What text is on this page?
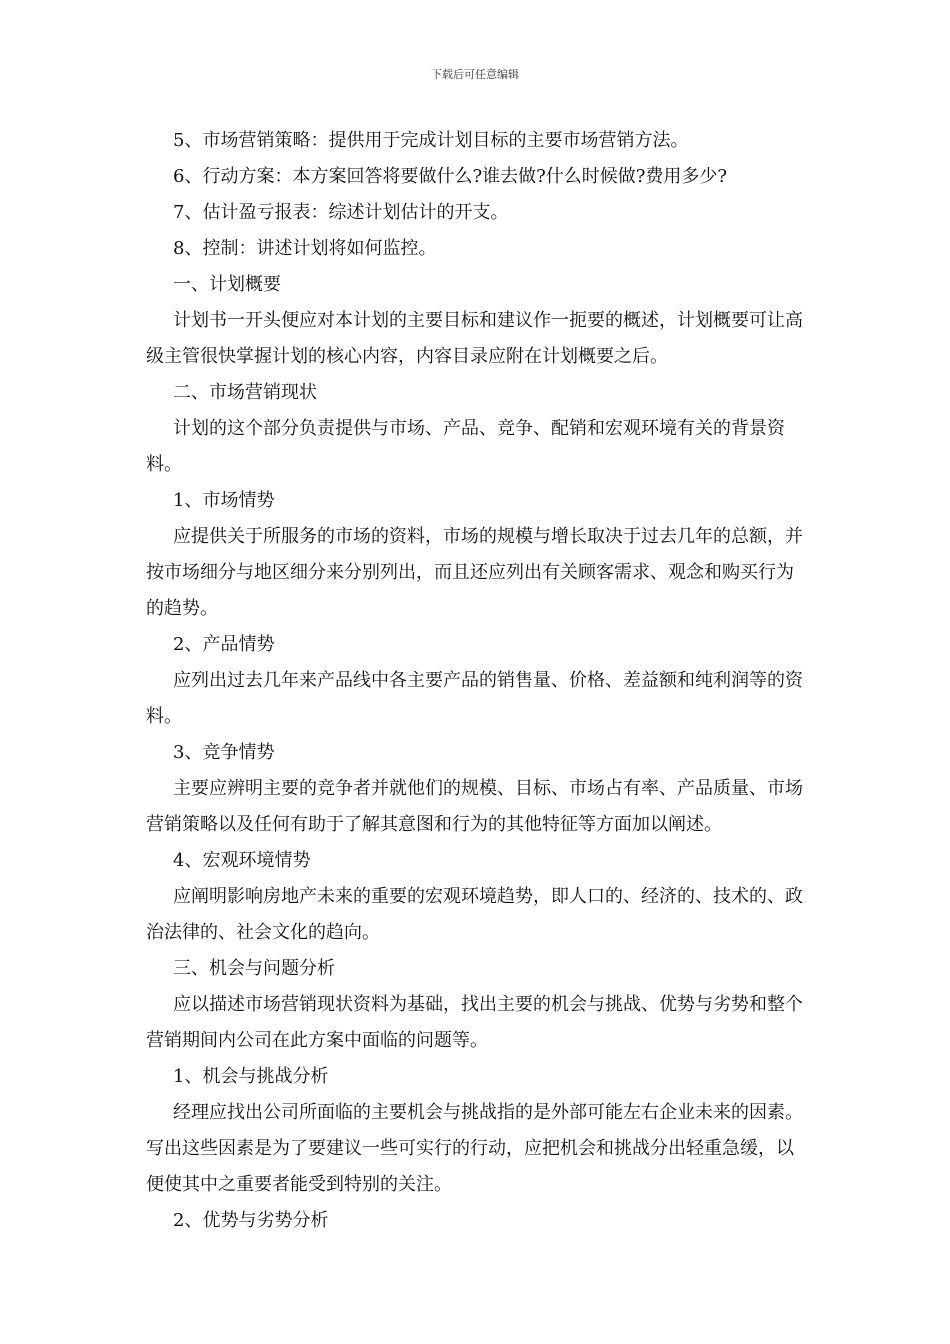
下载后可任意编辑

5、市场营销策略：提供用于完成计划目标的主要市场营销方法。

6、行动方案：本方案回答将要做什么?谁去做?什么时候做?费用多少?

7、估计盈亏报表：综述计划估计的开支。

8、控制：讲述计划将如何监控。

一、计划概要

计划书一开头便应对本计划的主要目标和建议作一扼要的概述，计划概要可让高级主管很快掌握计划的核心内容，内容目录应附在计划概要之后。

二、市场营销现状

计划的这个部分负责提供与市场、产品、竞争、配销和宏观环境有关的背景资料。

1、市场情势

应提供关于所服务的市场的资料，市场的规模与增长取决于过去几年的总额，并按市场细分与地区细分来分别列出，而且还应列出有关顾客需求、观念和购买行为的趋势。

2、产品情势

应列出过去几年来产品线中各主要产品的销售量、价格、差益额和纯利润等的资料。

3、竞争情势

主要应辨明主要的竞争者并就他们的规模、目标、市场占有率、产品质量、市场营销策略以及任何有助于了解其意图和行为的其他特征等方面加以阐述。

4、宏观环境情势

应阐明影响房地产未来的重要的宏观环境趋势，即人口的、经济的、技术的、政治法律的、社会文化的趋向。

三、机会与问题分析

应以描述市场营销现状资料为基础，找出主要的机会与挑战、优势与劣势和整个营销期间内公司在此方案中面临的问题等。

1、机会与挑战分析

经理应找出公司所面临的主要机会与挑战指的是外部可能左右企业未来的因素。写出这些因素是为了要建议一些可实行的行动，应把机会和挑战分出轻重急缓，以便使其中之重要者能受到特别的关注。

2、优势与劣势分析
